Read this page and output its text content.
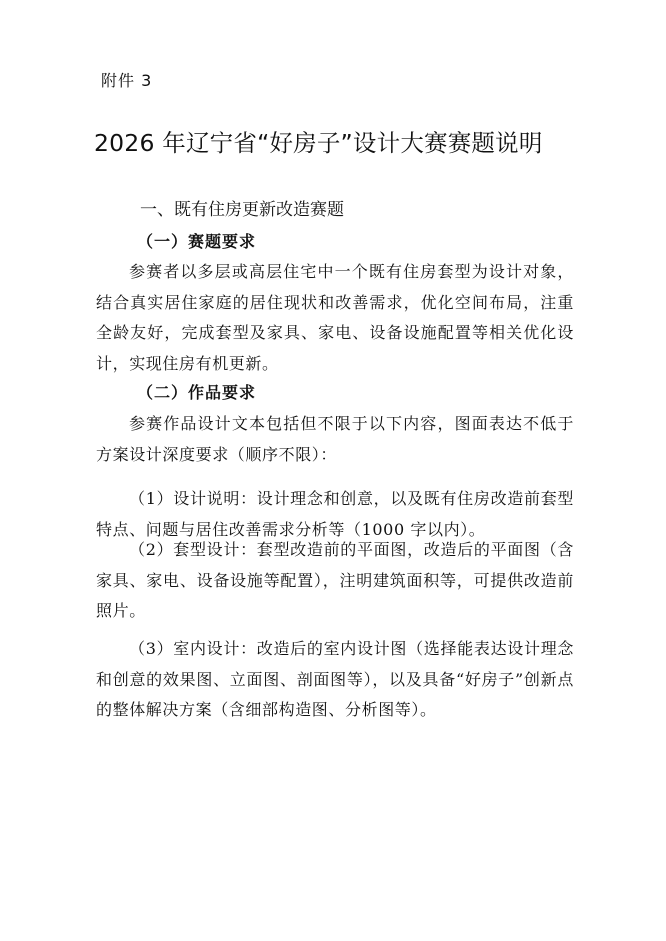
附件 3
2026 年辽宁省“好房子”设计大赛赛题说明
一、既有住房更新改造赛题
（一）赛题要求

参赛者以多层或高层住宅中一个既有住房套型为设计对象，结合真实居住家庭的居住现状和改善需求，优化空间布局，注重全龄友好，完成套型及家具、家电、设备设施配置等相关优化设计，实现住房有机更新。

（二）作品要求

参赛作品设计文本包括但不限于以下内容，图面表达不低于方案设计深度要求（顺序不限）：

（1）设计说明：设计理念和创意，以及既有住房改造前套型特点、问题与居住改善需求分析等（1000 字以内）。

（2）套型设计：套型改造前的平面图，改造后的平面图（含家具、家电、设备设施等配置），注明建筑面积等，可提供改造前照片。

（3）室内设计：改造后的室内设计图（选择能表达设计理念和创意的效果图、立面图、剖面图等），以及具备“好房子”创新点的整体解决方案（含细部构造图、分析图等）。
